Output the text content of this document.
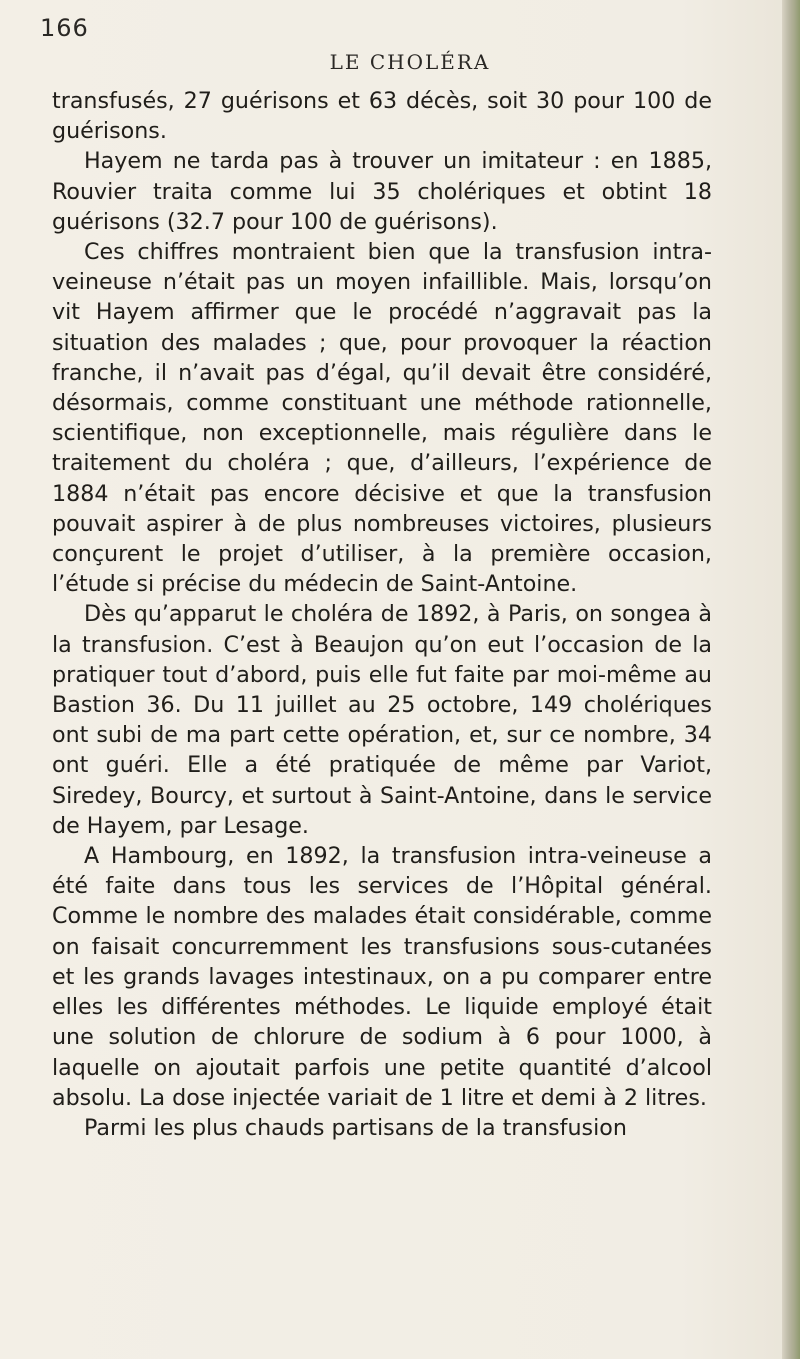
166
LE CHOLÉRA

transfusés, 27 guérisons et 63 décès, soit 30 pour 100 de guérisons.

Hayem ne tarda pas à trouver un imitateur : en 1885, Rouvier traita comme lui 35 cholériques et obtint 18 guérisons (32.7 pour 100 de guérisons).

Ces chiffres montraient bien que la transfusion intra-veineuse n’était pas un moyen infaillible. Mais, lorsqu’on vit Hayem affirmer que le procédé n’aggravait pas la situation des malades ; que, pour provoquer la réaction franche, il n’avait pas d’égal, qu’il devait être considéré, désormais, comme constituant une méthode rationnelle, scientifique, non exceptionnelle, mais régulière dans le traitement du choléra ; que, d’ailleurs, l’expérience de 1884 n’était pas encore décisive et que la transfusion pouvait aspirer à de plus nombreuses victoires, plusieurs conçurent le projet d’utiliser, à la première occasion, l’étude si précise du médecin de Saint-Antoine.

Dès qu’apparut le choléra de 1892, à Paris, on songea à la transfusion. C’est à Beaujon qu’on eut l’occasion de la pratiquer tout d’abord, puis elle fut faite par moi-même au Bastion 36. Du 11 juillet au 25 octobre, 149 cholériques ont subi de ma part cette opération, et, sur ce nombre, 34 ont guéri. Elle a été pratiquée de même par Variot, Siredey, Bourcy, et surtout à Saint-Antoine, dans le service de Hayem, par Lesage.

A Hambourg, en 1892, la transfusion intra-veineuse a été faite dans tous les services de l’Hôpital général. Comme le nombre des malades était considérable, comme on faisait concurremment les transfusions sous-cutanées et les grands lavages intestinaux, on a pu comparer entre elles les différentes méthodes. Le liquide employé était une solution de chlorure de sodium à 6 pour 1000, à laquelle on ajoutait parfois une petite quantité d’alcool absolu. La dose injectée variait de 1 litre et demi à 2 litres.

Parmi les plus chauds partisans de la transfusion
